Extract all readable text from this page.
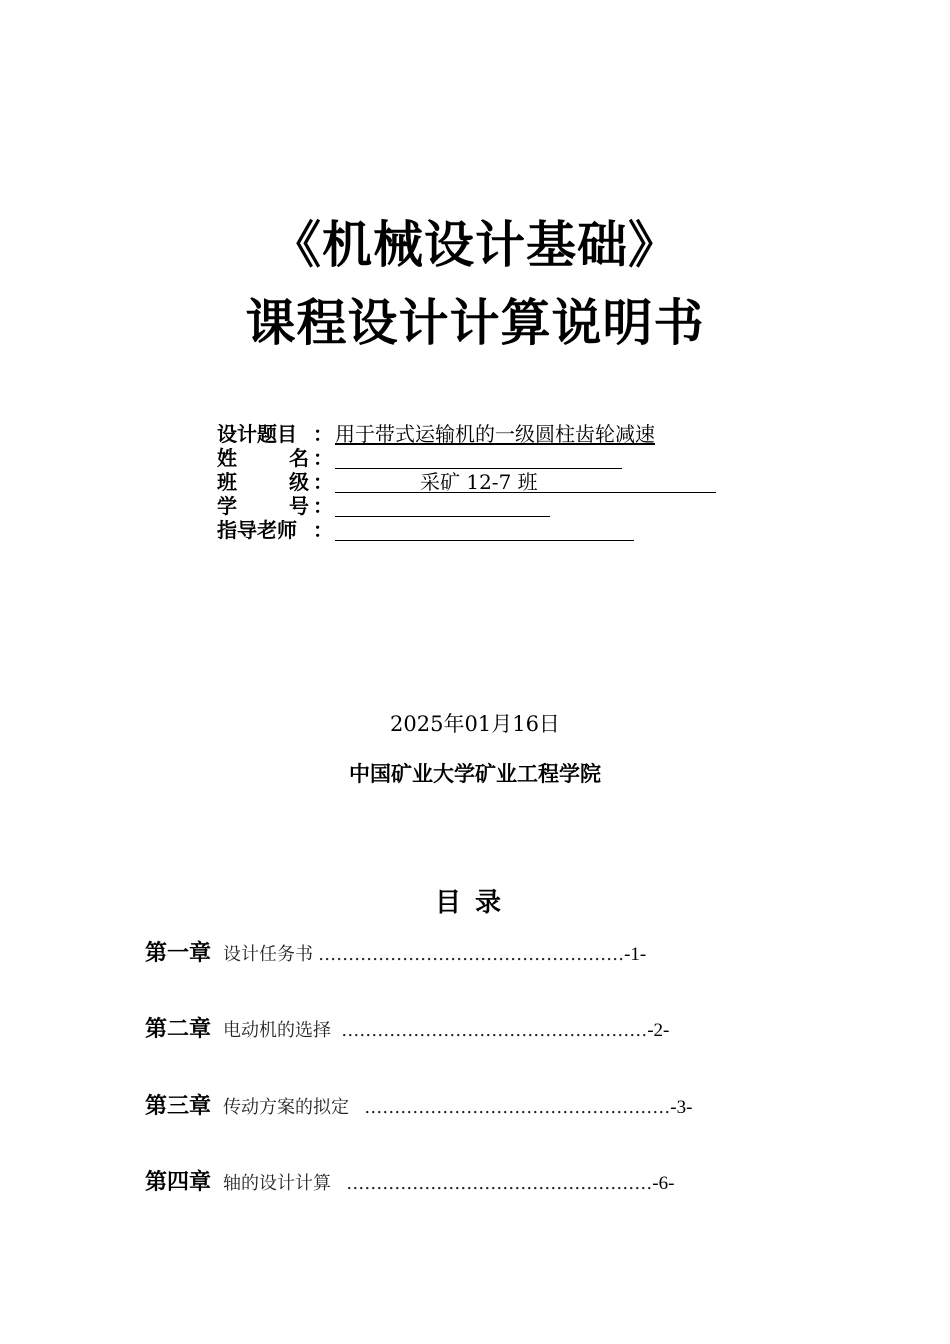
《机械设计基础》
课程设计计算说明书
设计题目 ： 用于带式运输机的一级圆柱齿轮减速
姓 名 ：
班 级 ：	采矿 12-7 班
学 号 ：
指导老师 ：
2025年01月16日
中国矿业大学矿业工程学院
目录
第一章 设计任务书 ……………………………………………-1-
第二章 电动机的选择 ……………………………………………-2-
第三章 传动方案的拟定 ……………………………………………-3-
第四章 轴的设计计算 ……………………………………………-6-
